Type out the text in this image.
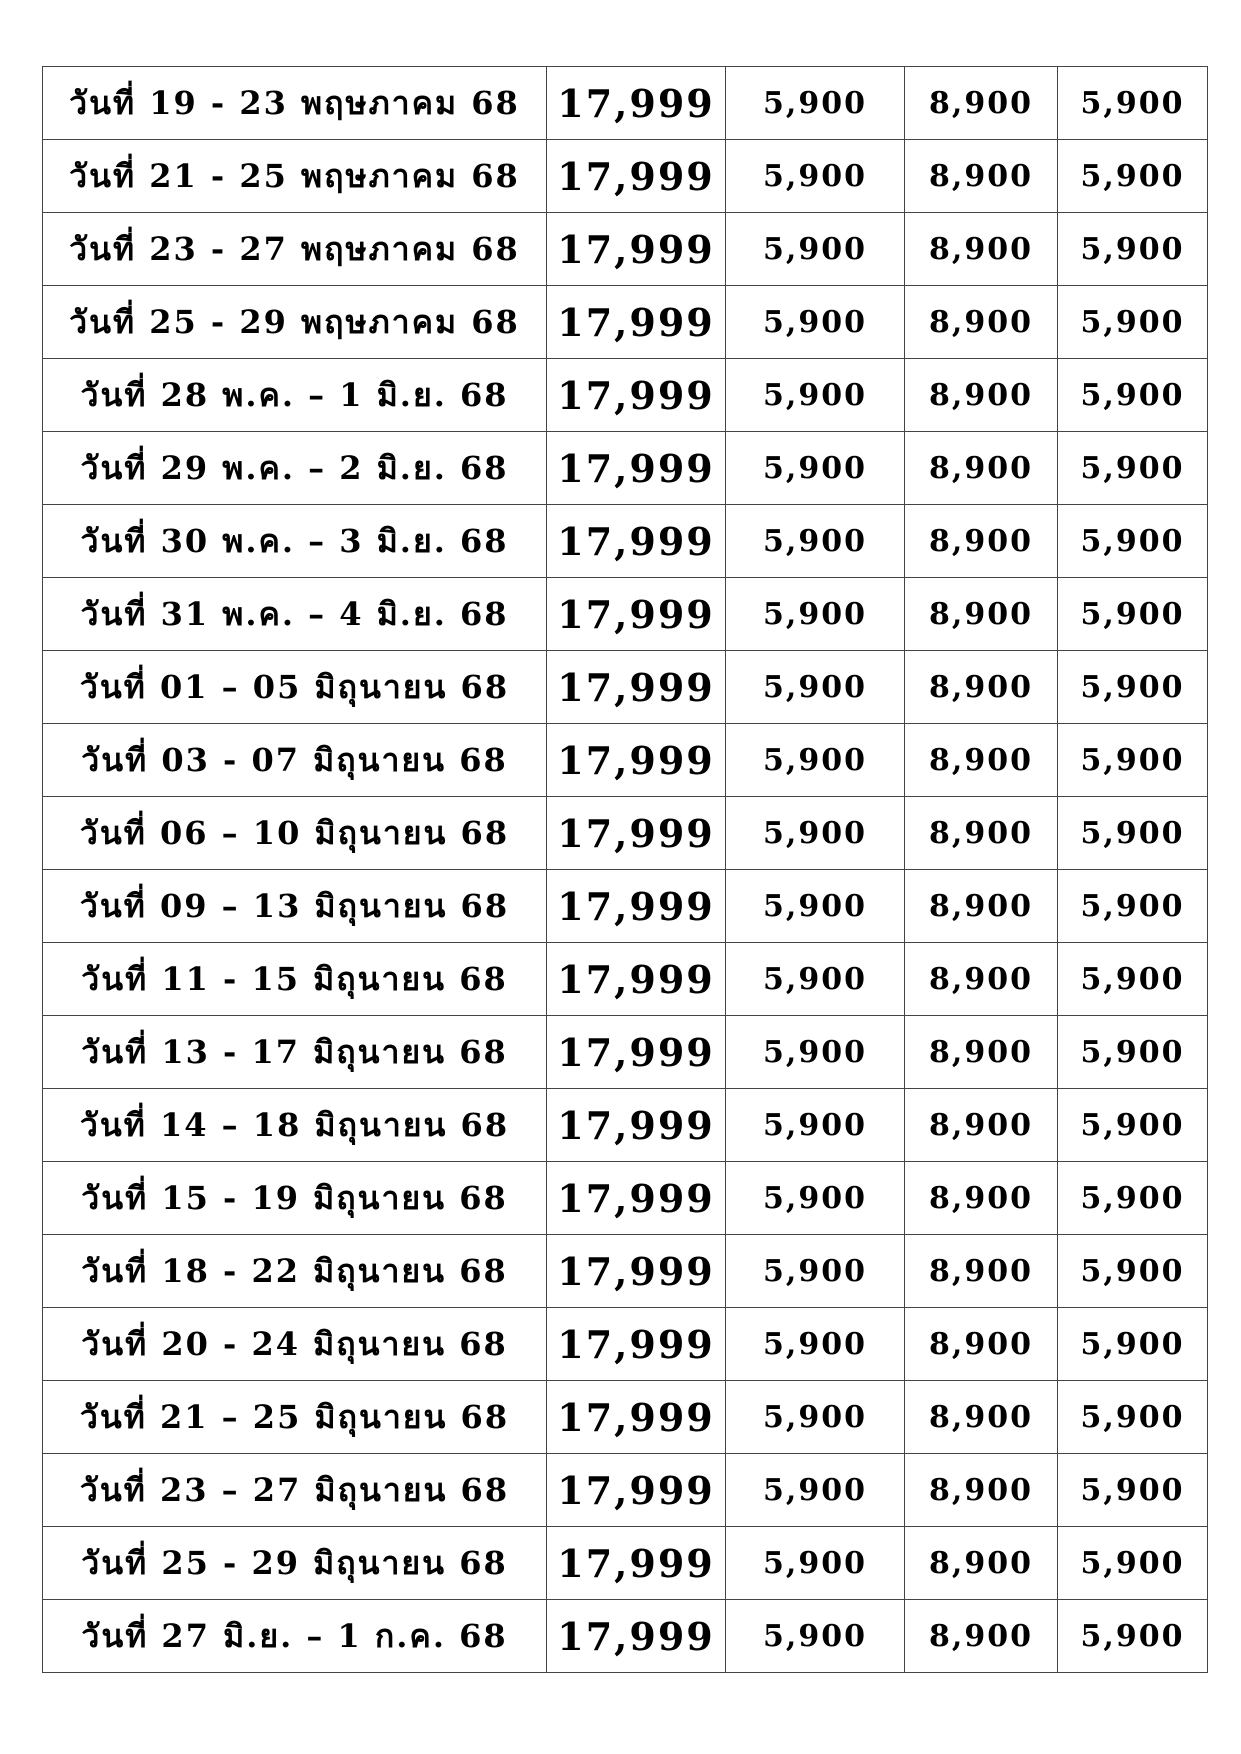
วันที่ 19 - 23 พฤษภาคม 68	17,999	5,900	8,900	5,900
วันที่ 21 - 25 พฤษภาคม 68	17,999	5,900	8,900	5,900
วันที่ 23 - 27 พฤษภาคม 68	17,999	5,900	8,900	5,900
วันที่ 25 - 29 พฤษภาคม 68	17,999	5,900	8,900	5,900
วันที่ 28 พ.ค. – 1 มิ.ย. 68	17,999	5,900	8,900	5,900
วันที่ 29 พ.ค. – 2 มิ.ย. 68	17,999	5,900	8,900	5,900
วันที่ 30 พ.ค. – 3 มิ.ย. 68	17,999	5,900	8,900	5,900
วันที่ 31 พ.ค. – 4 มิ.ย. 68	17,999	5,900	8,900	5,900
วันที่ 01 – 05 มิถุนายน 68	17,999	5,900	8,900	5,900
วันที่ 03 - 07 มิถุนายน 68	17,999	5,900	8,900	5,900
วันที่ 06 – 10 มิถุนายน 68	17,999	5,900	8,900	5,900
วันที่ 09 – 13 มิถุนายน 68	17,999	5,900	8,900	5,900
วันที่ 11 - 15 มิถุนายน 68	17,999	5,900	8,900	5,900
วันที่ 13 - 17 มิถุนายน 68	17,999	5,900	8,900	5,900
วันที่ 14 – 18 มิถุนายน 68	17,999	5,900	8,900	5,900
วันที่ 15 - 19 มิถุนายน 68	17,999	5,900	8,900	5,900
วันที่ 18 - 22 มิถุนายน 68	17,999	5,900	8,900	5,900
วันที่ 20 - 24 มิถุนายน 68	17,999	5,900	8,900	5,900
วันที่ 21 – 25 มิถุนายน 68	17,999	5,900	8,900	5,900
วันที่ 23 – 27 มิถุนายน 68	17,999	5,900	8,900	5,900
วันที่ 25 - 29 มิถุนายน 68	17,999	5,900	8,900	5,900
วันที่ 27 มิ.ย. – 1 ก.ค. 68	17,999	5,900	8,900	5,900
